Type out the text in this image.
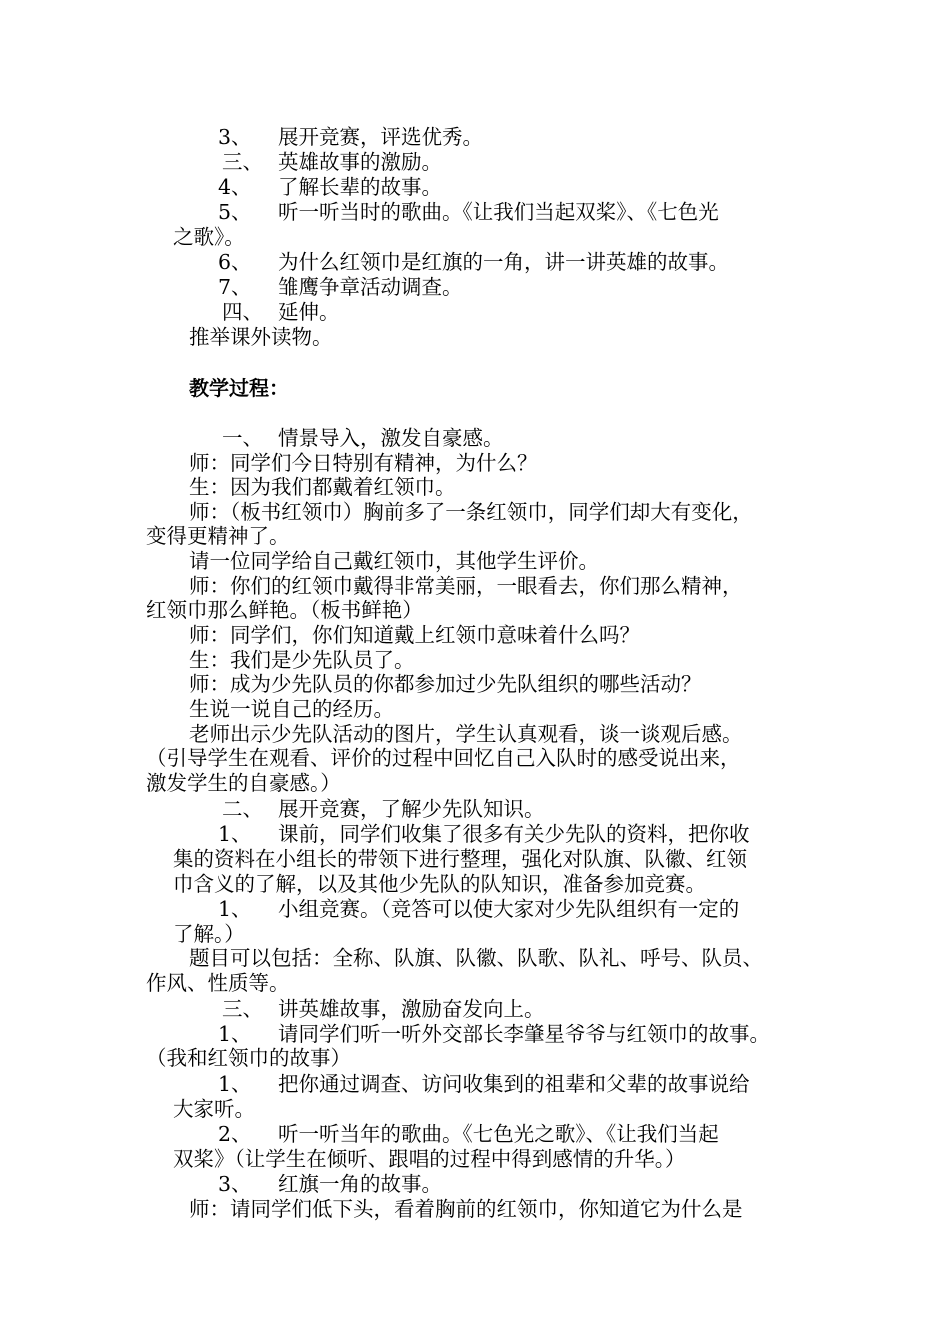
3、 展开竞赛，评选优秀。
三、 英雄故事的激励。
4、 了解长辈的故事。
5、 听一听当时的歌曲。《让我们当起双桨》、《七色光
之歌》。
6、 为什么红领巾是红旗的一角，讲一讲英雄的故事。
7、 雏鹰争章活动调查。
四、 延伸。
推举课外读物。
教学过程：
一、 情景导入，激发自豪感。
师：同学们今日特别有精神，为什么？
生：因为我们都戴着红领巾。
师：（板书红领巾）胸前多了一条红领巾，同学们却大有变化，
变得更精神了。
请一位同学给自己戴红领巾，其他学生评价。
师：你们的红领巾戴得非常美丽，一眼看去，你们那么精神，
红领巾那么鲜艳。（板书鲜艳）
师：同学们，你们知道戴上红领巾意味着什么吗？
生：我们是少先队员了。
师：成为少先队员的你都参加过少先队组织的哪些活动？
生说一说自己的经历。
老师出示少先队活动的图片，学生认真观看，谈一谈观后感。
（引导学生在观看、评价的过程中回忆自己入队时的感受说出来，
激发学生的自豪感。）
二、 展开竞赛，了解少先队知识。
1、 课前，同学们收集了很多有关少先队的资料，把你收
集的资料在小组长的带领下进行整理，强化对队旗、队徽、红领
巾含义的了解，以及其他少先队的队知识，准备参加竞赛。
1、 小组竞赛。（竞答可以使大家对少先队组织有一定的
了解。）
题目可以包括：全称、队旗、队徽、队歌、队礼、呼号、队员、
作风、性质等。
三、 讲英雄故事，激励奋发向上。
1、 请同学们听一听外交部长李肇星爷爷与红领巾的故事。
（我和红领巾的故事）
1、 把你通过调查、访问收集到的祖辈和父辈的故事说给
大家听。
2、 听一听当年的歌曲。《七色光之歌》、《让我们当起
双桨》（让学生在倾听、跟唱的过程中得到感情的升华。）
3、 红旗一角的故事。
师：请同学们低下头，看着胸前的红领巾，你知道它为什么是
